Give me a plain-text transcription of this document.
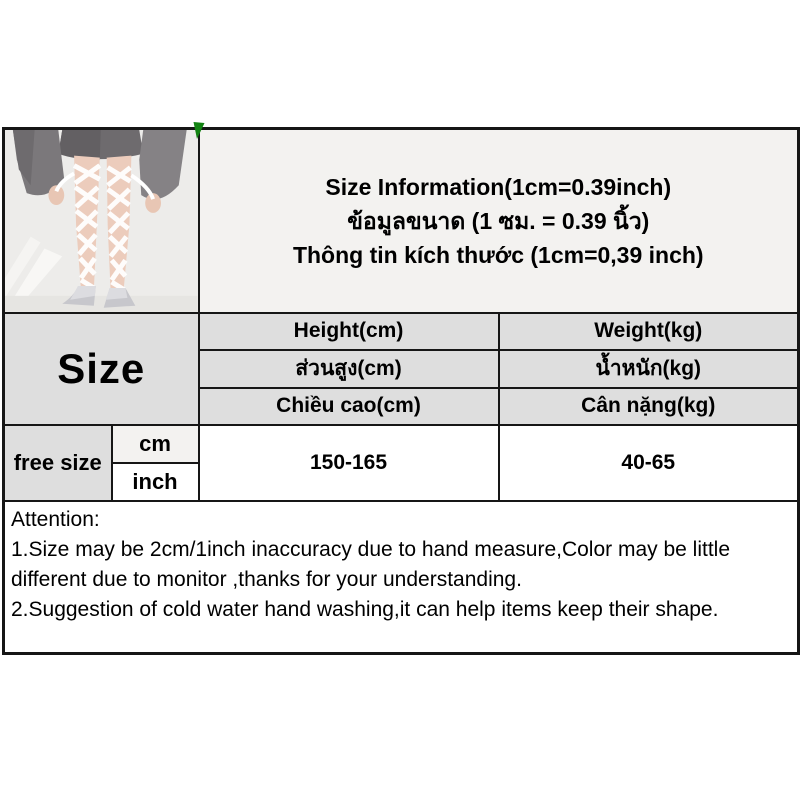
Size Information(1cm=0.39inch)
ข้อมูลขนาด (1 ซม. = 0.39 นิ้ว)
Thông tin kích thước (1cm=0,39 inch)	

Size		Height(cm)	Weight(kg)
		ส่วนสูง(cm)	น้ำหนัก(kg)
		Chiều cao(cm)	Cân nặng(kg)
free size	cm	150-165	40-65
	inch		

Attention:
1.Size may be 2cm/1inch inaccuracy due to hand measure,Color may be little different due to monitor ,thanks for your understanding.
2.Suggestion of cold water hand washing,it can help items keep their shape.			
